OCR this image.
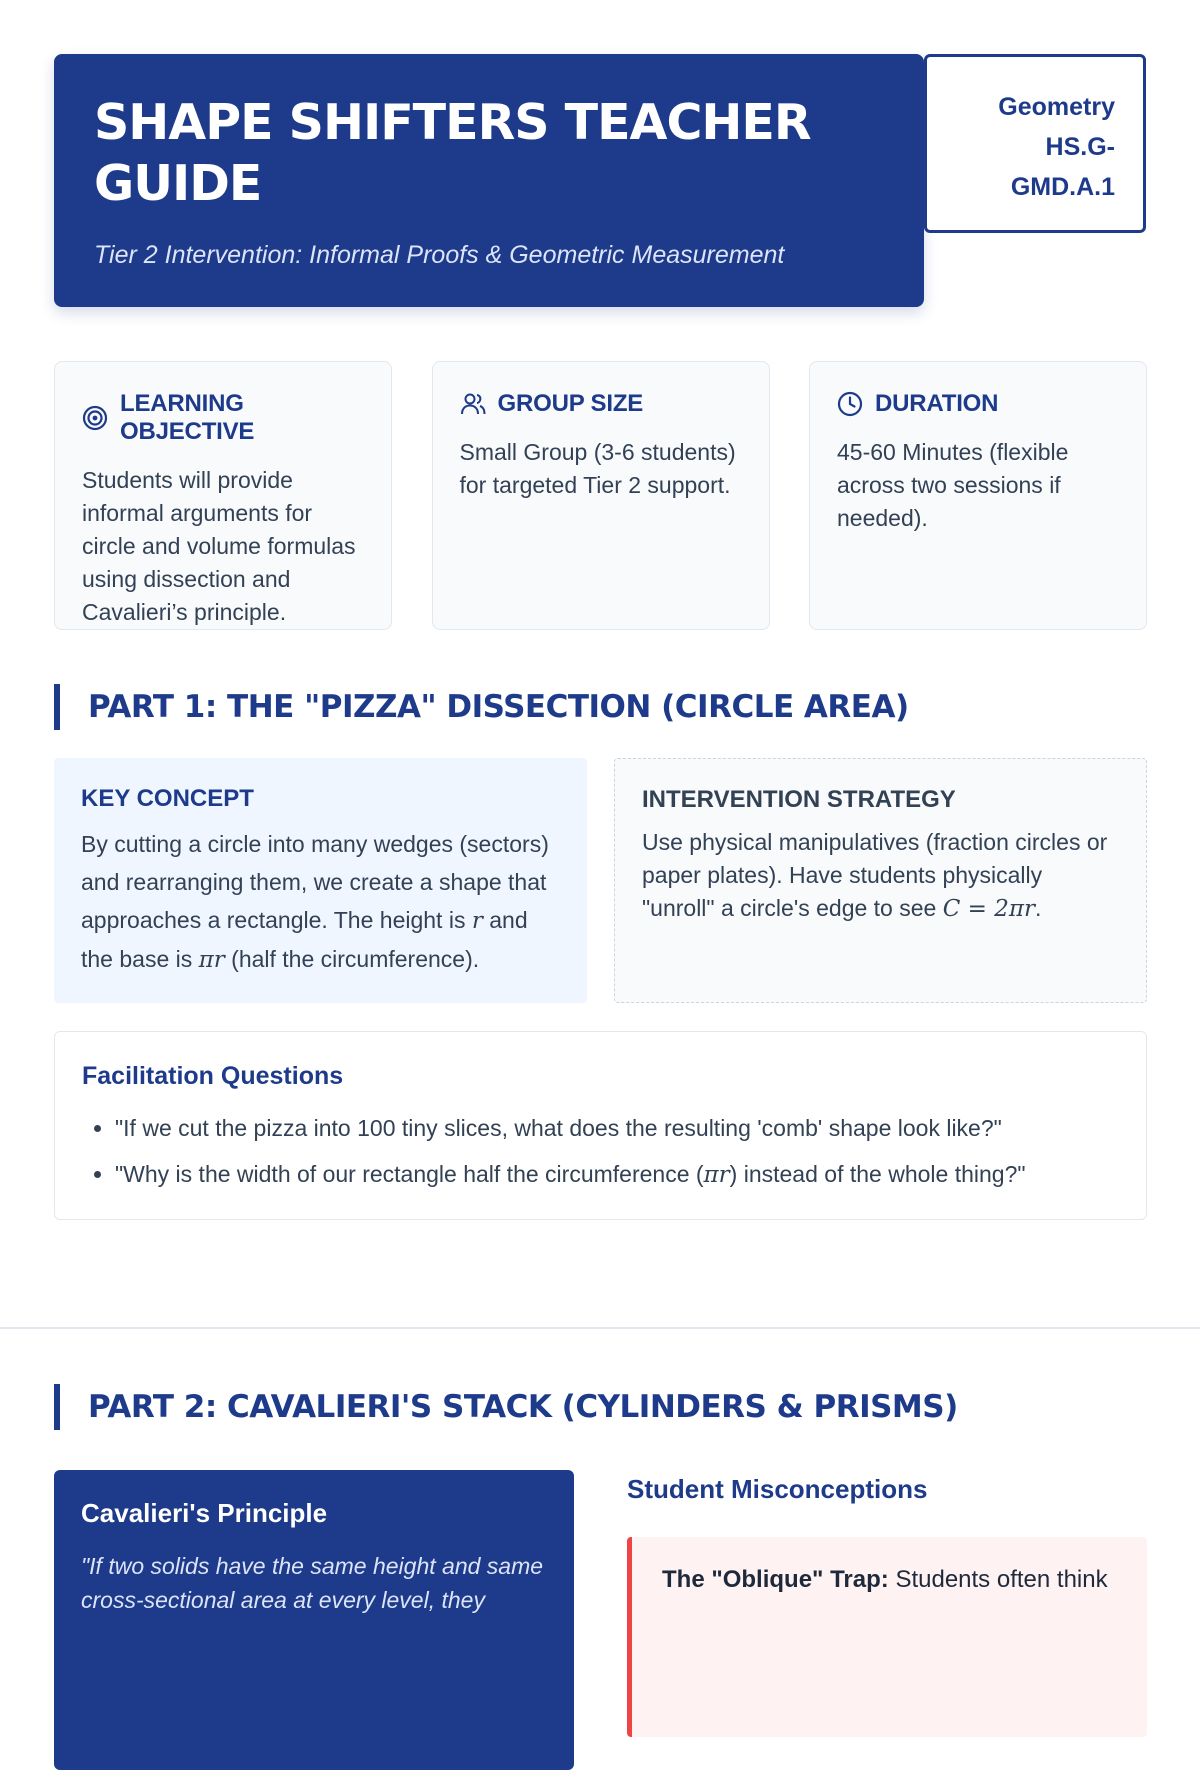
SHAPE SHIFTERS TEACHER GUIDE

Tier 2 Intervention: Informal Proofs & Geometric Measurement

Geometry
HS.G-
GMD.A.1
LEARNING OBJECTIVE

Students will provide informal arguments for circle and volume formulas using dissection and Cavalieri’s principle.

GROUP SIZE

Small Group (3-6 students) for targeted Tier 2 support.

DURATION

45-60 Minutes (flexible across two sessions if needed).

PART 1: THE "PIZZA" DISSECTION (CIRCLE AREA)
KEY CONCEPT

By cutting a circle into many wedges (sectors) and rearranging them, we create a shape that approaches a rectangle. The height is r and the base is πr (half the circumference).

INTERVENTION STRATEGY

Use physical manipulatives (fraction circles or paper plates). Have students physically "unroll" a circle's edge to see C = 2πr.

Facilitation Questions
• "If we cut the pizza into 100 tiny slices, what does the resulting 'comb' shape look like?"
• "Why is the width of our rectangle half the circumference (πr) instead of the whole thing?"
PART 2: CAVALIERI'S STACK (CYLINDERS & PRISMS)
Cavalieri's Principle

"If two solids have the same height and same cross-sectional area at every level, they

Student Misconceptions
The "Oblique" Trap: Students often think
